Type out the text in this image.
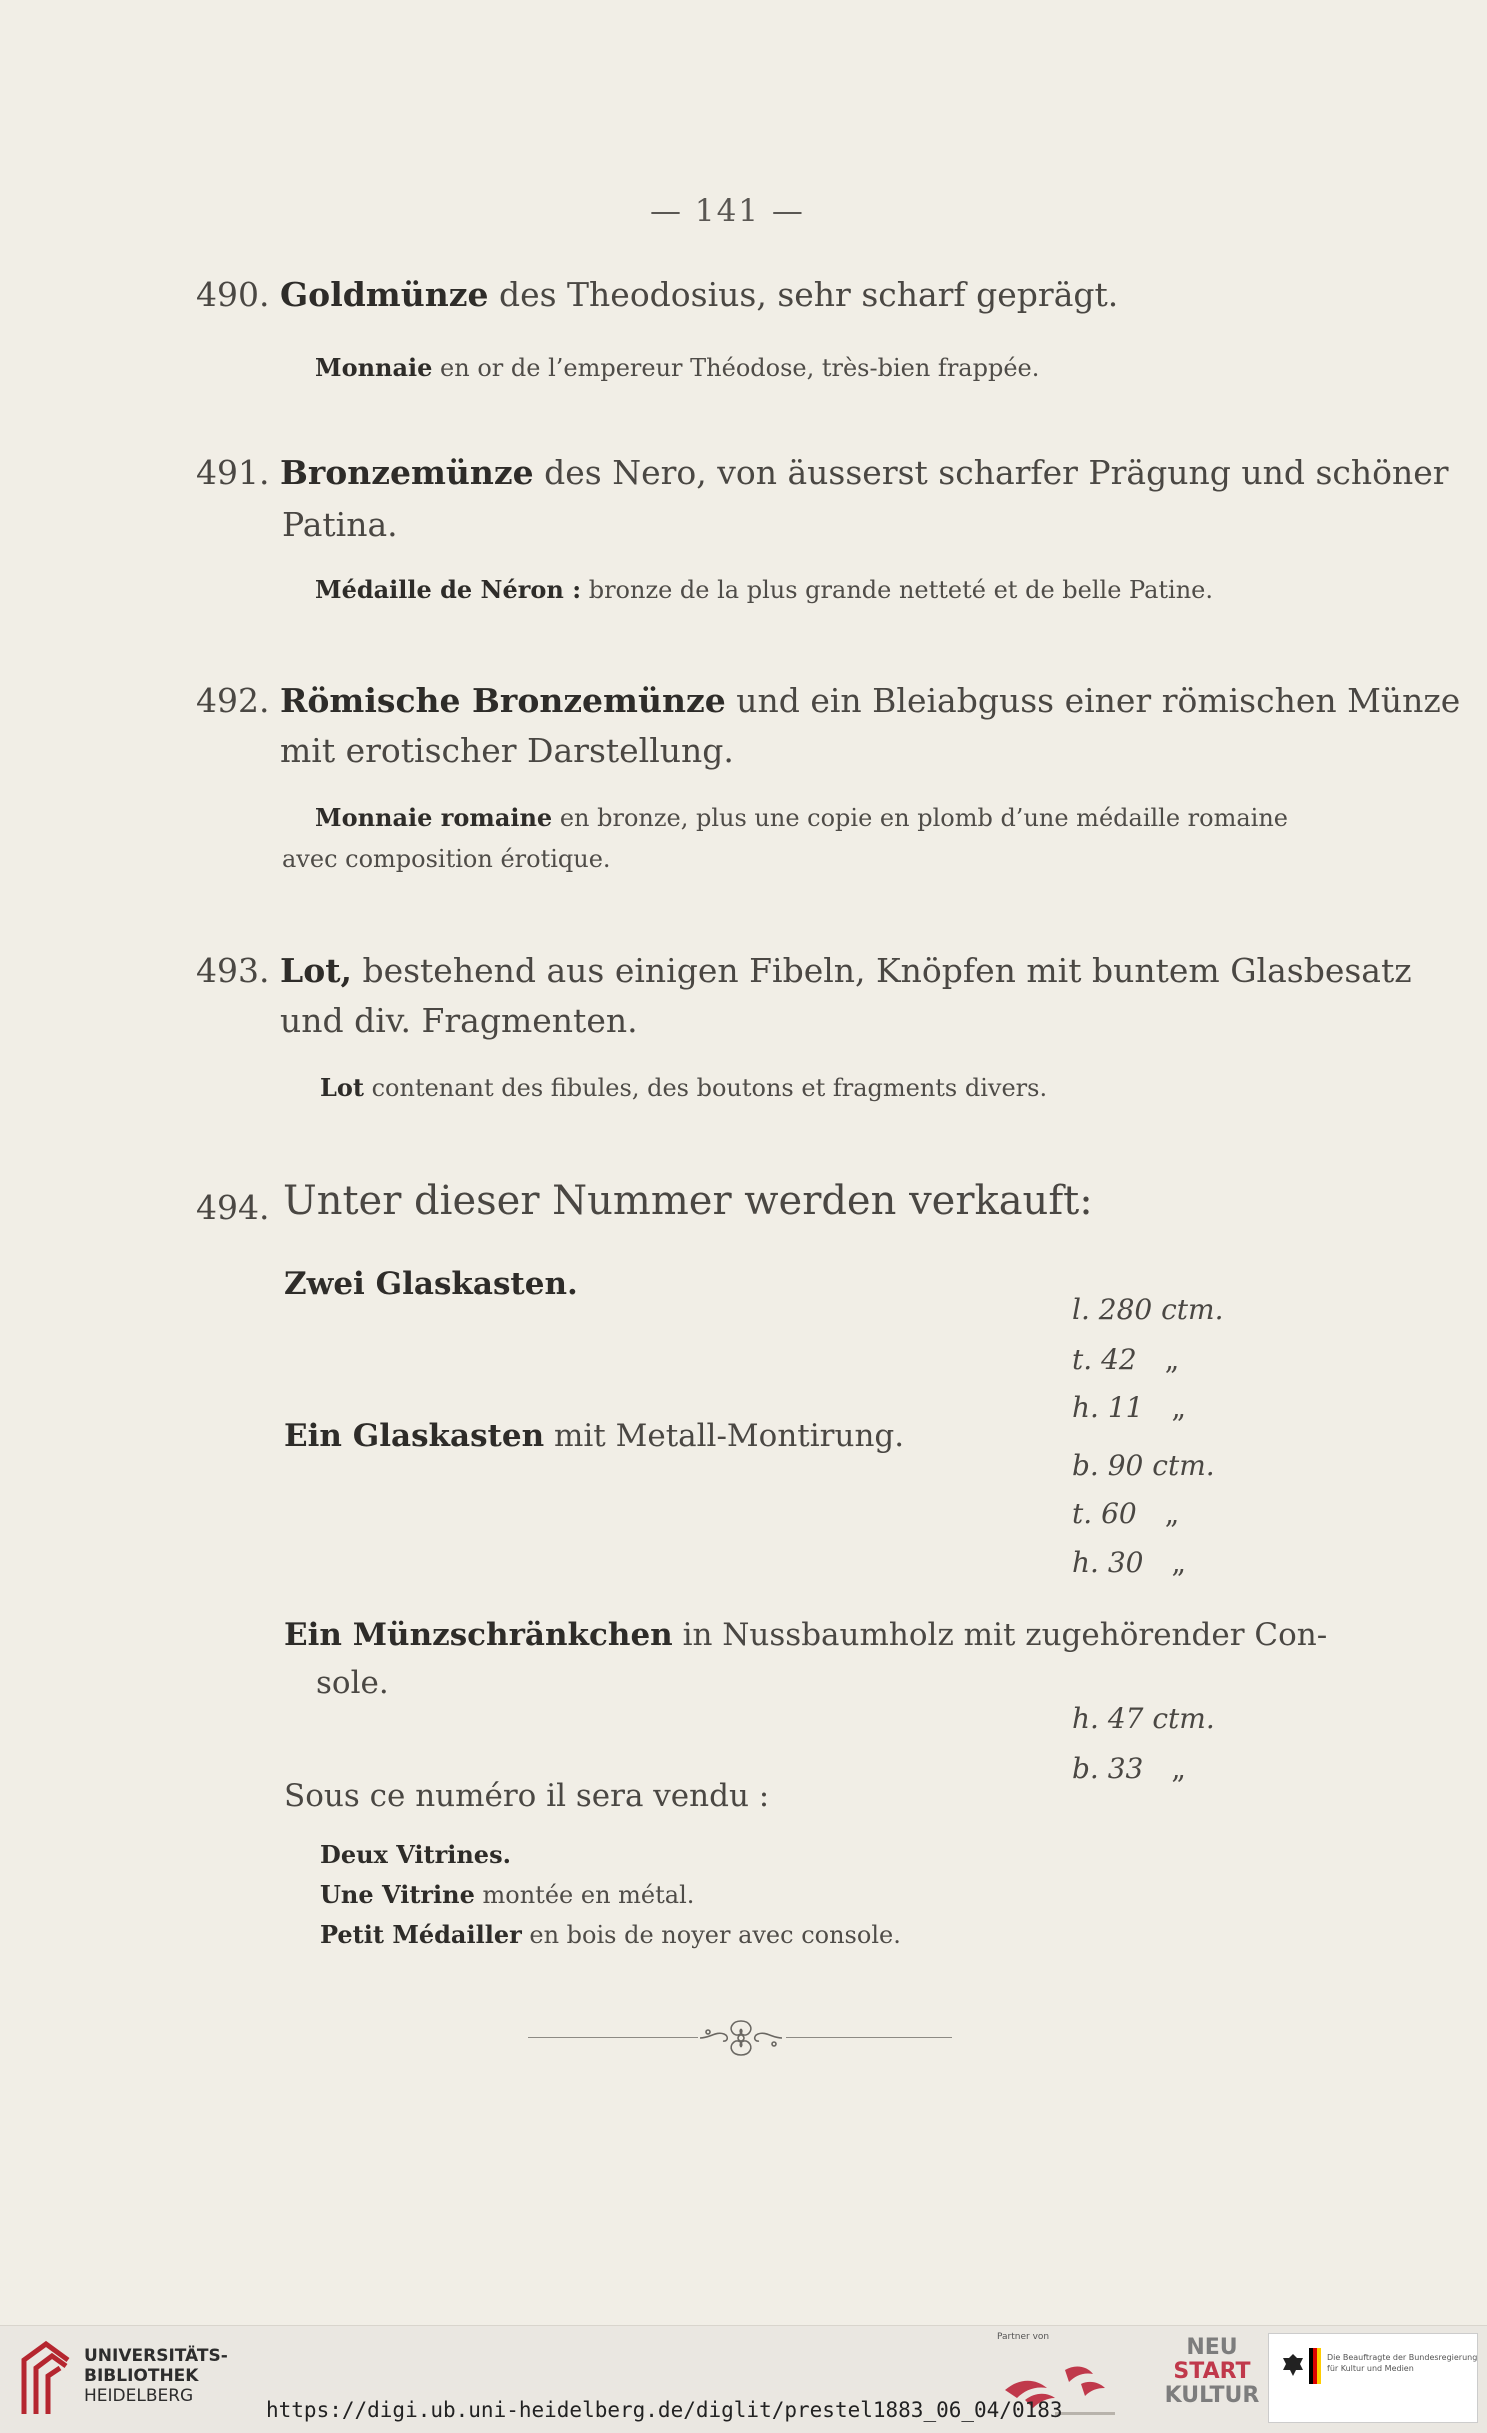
— 141 —
490. Goldmünze des Theodosius, sehr scharf geprägt.
Monnaie en or de l’empereur Théodose, très-bien frappée.
491. Bronzemünze des Nero, von äusserst scharfer Prägung und schöner
Patina.
Médaille de Néron : bronze de la plus grande netteté et de belle Patine.
492. Römische Bronzemünze und ein Bleiabguss einer römischen Münze
mit erotischer Darstellung.
Monnaie romaine en bronze, plus une copie en plomb d’une médaille romaine
avec composition érotique.
493. Lot, bestehend aus einigen Fibeln, Knöpfen mit buntem Glasbesatz
und div. Fragmenten.
Lot contenant des fibules, des boutons et fragments divers.
494. Unter dieser Nummer werden verkauft:
Zwei Glaskasten.
l. 280 ctm.
t. 42 „
h. 11 „
Ein Glaskasten mit Metall-Montirung.
b. 90 ctm.
t. 60 „
h. 30 „
Ein Münzschränkchen in Nussbaumholz mit zugehörender Con-
sole.
h. 47 ctm.
b. 33 „
Sous ce numéro il sera vendu :
Deux Vitrines.
Une Vitrine montée en métal.
Petit Médailler en bois de noyer avec console.
UNIVERSITÄTS-
BIBLIOTHEK
HEIDELBERG
Partner von	NEU
START
KULTUR
https://digi.ub.uni-heidelberg.de/diglit/prestel1883_06_04/0183
Die Beauftragte der Bundesregierung
für Kultur und Medien
